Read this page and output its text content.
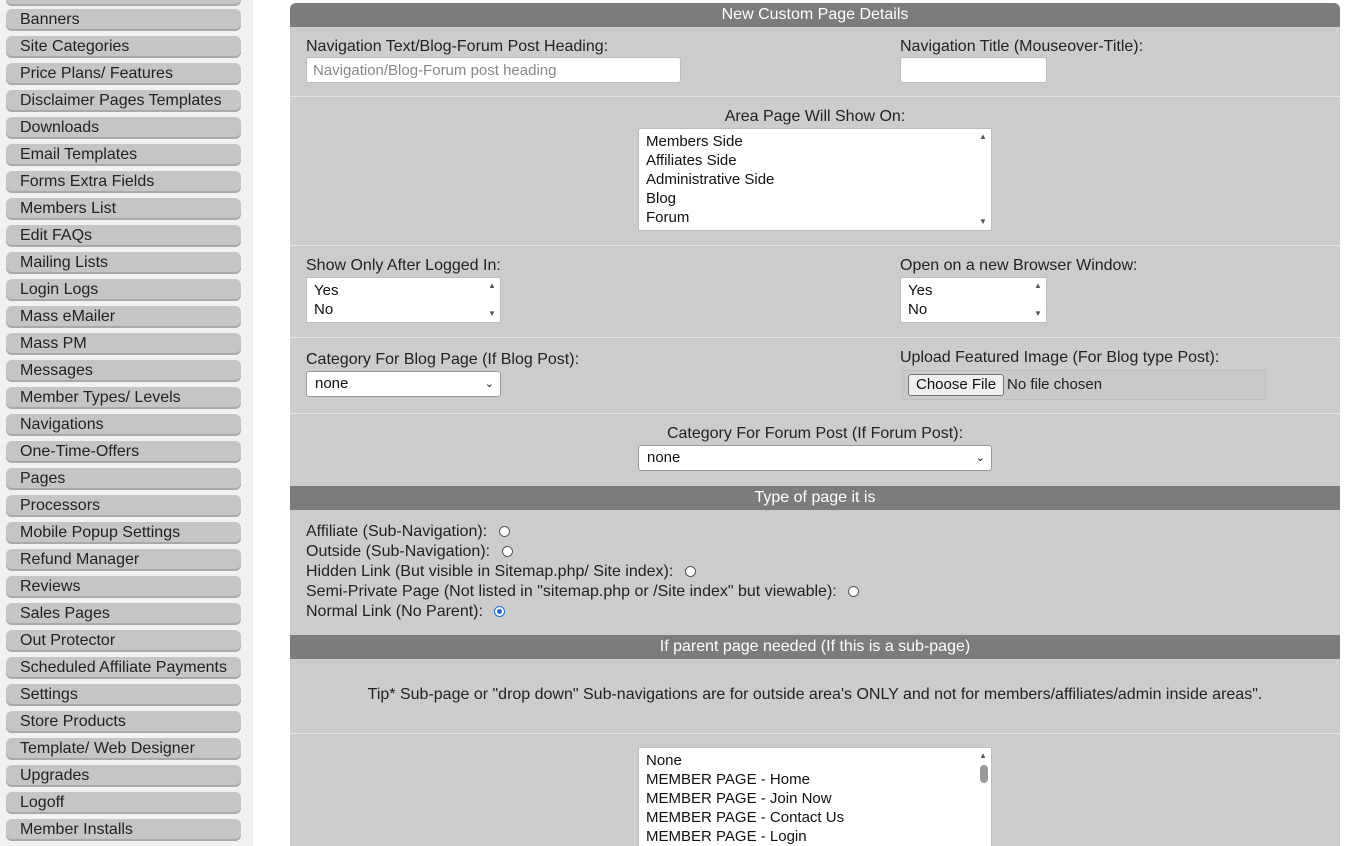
Banners
Site Categories
Price Plans/ Features
Disclaimer Pages Templates
Downloads
Email Templates
Forms Extra Fields
Members List
Edit FAQs
Mailing Lists
Login Logs
Mass eMailer
Mass PM
Messages
Member Types/ Levels
Navigations
One-Time-Offers
Pages
Processors
Mobile Popup Settings
Refund Manager
Reviews
Sales Pages
Out Protector
Scheduled Affiliate Payments
Settings
Store Products
Template/ Web Designer
Upgrades
Logoff
Member Installs
New Custom Page Details
Navigation Text/Blog-Forum Post Heading:
Navigation/Blog-Forum post heading	Navigation Title (Mouseover-Title):
Area Page Will Show On:
Members Side
Affiliates Side
Administrative Side
Blog
Forum
▲
▼
Show Only After Logged In:
Yes
No
▲
▼
Open on a new Browser Window:
Yes
No
▲
▼
Category For Blog Page (If Blog Post):
none	⌄
Upload Featured Image (For Blog type Post):
Choose File No file chosen
Category For Forum Post (If Forum Post):
none	⌄
Type of page it is
Affiliate (Sub-Navigation):
Outside (Sub-Navigation):
Hidden Link (But visible in Sitemap.php/ Site index):
Semi-Private Page (Not listed in "sitemap.php or /Site index" but viewable):
Normal Link (No Parent):
If parent page needed (If this is a sub-page)
Tip* Sub-page or "drop down" Sub-navigations are for outside area's ONLY and not for members/affiliates/admin inside areas".
None
MEMBER PAGE - Home
MEMBER PAGE - Join Now
MEMBER PAGE - Contact Us
MEMBER PAGE - Login
▲
